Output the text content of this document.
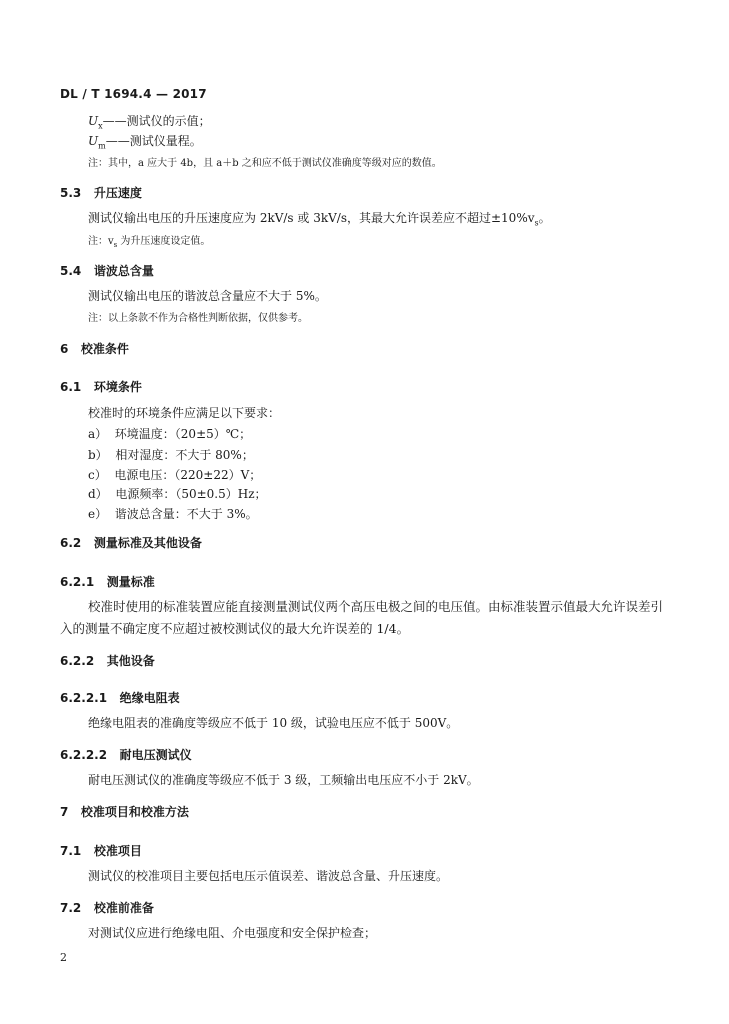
DL / T 1694.4 — 2017
$U_x——$测试仪的示值；
$U_m——$测试仪量程。
注：其中，a 应大于 4b，且 a＋b 之和应不低于测试仪准确度等级对应的数值。
5.3 升压速度
测试仪输出电压的升压速度应为 2kV/s 或 3kV/s，其最大允许误差应不超过$\pm 10\%v_s$。
注：$v_s$ 为升压速度设定值。
5.4 谐波总含量
测试仪输出电压的谐波总含量应不大于 5%。
注：以上条款不作为合格性判断依据，仅供参考。
6 校准条件
6.1 环境条件
校准时的环境条件应满足以下要求：
a） 环境温度：（20±5）℃；
b） 相对湿度：不大于 80%；
c） 电源电压：（220±22）V；
d） 电源频率：（50±0.5）Hz；
e） 谐波总含量：不大于 3%。
6.2 测量标准及其他设备
6.2.1 测量标准
校准时使用的标准装置应能直接测量测试仪两个高压电极之间的电压值。由标准装置示值最大允许误差引入的测量不确定度不应超过被校测试仪的最大允许误差的 1/4。
6.2.2 其他设备
6.2.2.1 绝缘电阻表
绝缘电阻表的准确度等级应不低于 10 级，试验电压应不低于 500V。
6.2.2.2 耐电压测试仪
耐电压测试仪的准确度等级应不低于 3 级，工频输出电压应不小于 2kV。
7 校准项目和校准方法
7.1 校准项目
测试仪的校准项目主要包括电压示值误差、谐波总含量、升压速度。
7.2 校准前准备
对测试仪应进行绝缘电阻、介电强度和安全保护检查；
2
